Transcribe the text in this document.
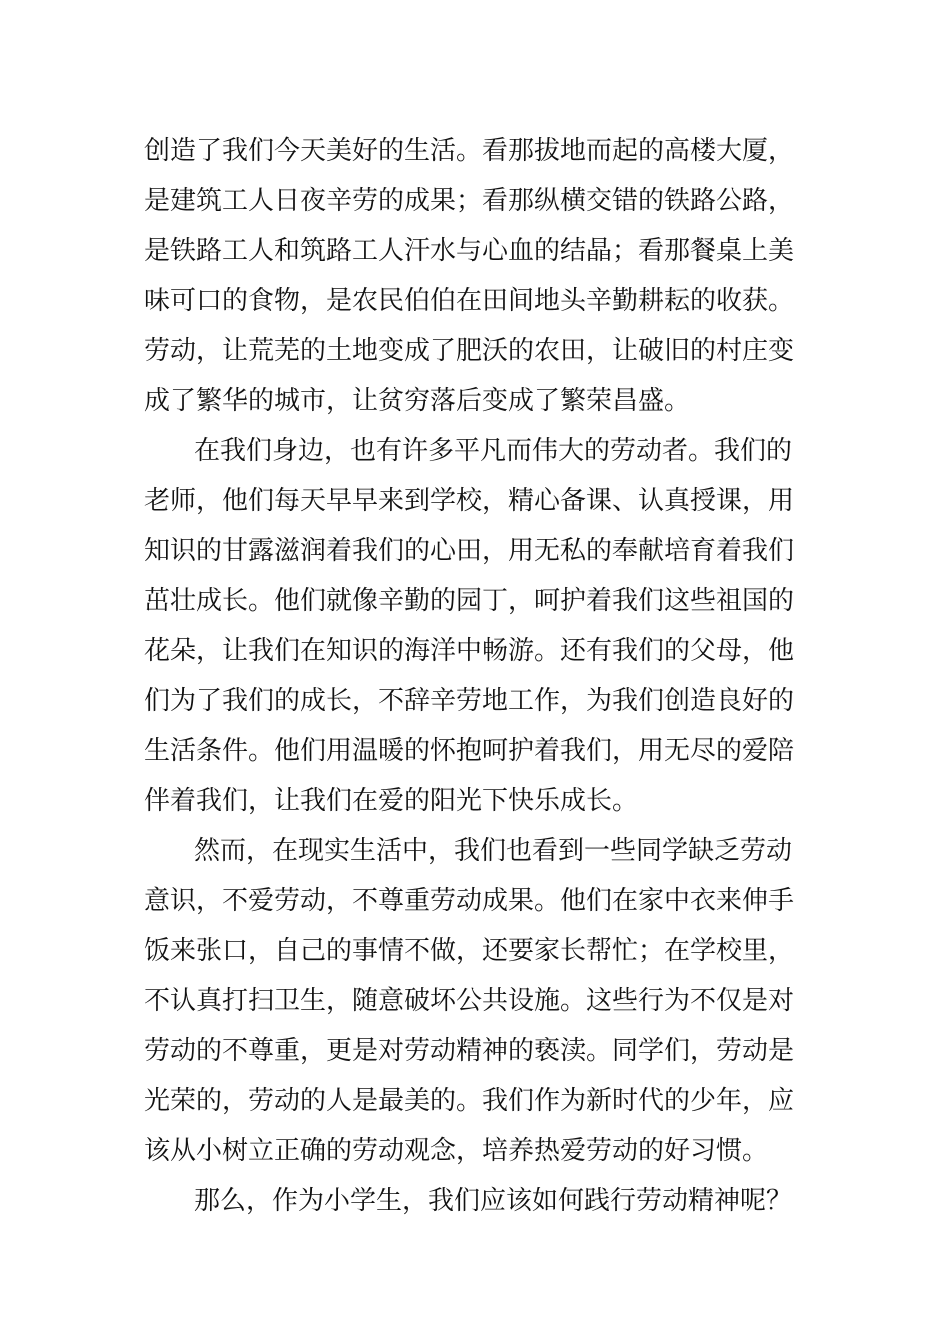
创造了我们今天美好的生活。看那拔地而起的高楼大厦，
是建筑工人日夜辛劳的成果；看那纵横交错的铁路公路，
是铁路工人和筑路工人汗水与心血的结晶；看那餐桌上美
味可口的食物，是农民伯伯在田间地头辛勤耕耘的收获。
劳动，让荒芜的土地变成了肥沃的农田，让破旧的村庄变
成了繁华的城市，让贫穷落后变成了繁荣昌盛。
在我们身边，也有许多平凡而伟大的劳动者。我们的
老师，他们每天早早来到学校，精心备课、认真授课，用
知识的甘露滋润着我们的心田，用无私的奉献培育着我们
茁壮成长。他们就像辛勤的园丁，呵护着我们这些祖国的
花朵，让我们在知识的海洋中畅游。还有我们的父母，他
们为了我们的成长，不辞辛劳地工作，为我们创造良好的
生活条件。他们用温暖的怀抱呵护着我们，用无尽的爱陪
伴着我们，让我们在爱的阳光下快乐成长。
然而，在现实生活中，我们也看到一些同学缺乏劳动
意识，不爱劳动，不尊重劳动成果。他们在家中衣来伸手
饭来张口，自己的事情不做，还要家长帮忙；在学校里，
不认真打扫卫生，随意破坏公共设施。这些行为不仅是对
劳动的不尊重，更是对劳动精神的亵渎。同学们，劳动是
光荣的，劳动的人是最美的。我们作为新时代的少年，应
该从小树立正确的劳动观念，培养热爱劳动的好习惯。
那么，作为小学生，我们应该如何践行劳动精神呢？
